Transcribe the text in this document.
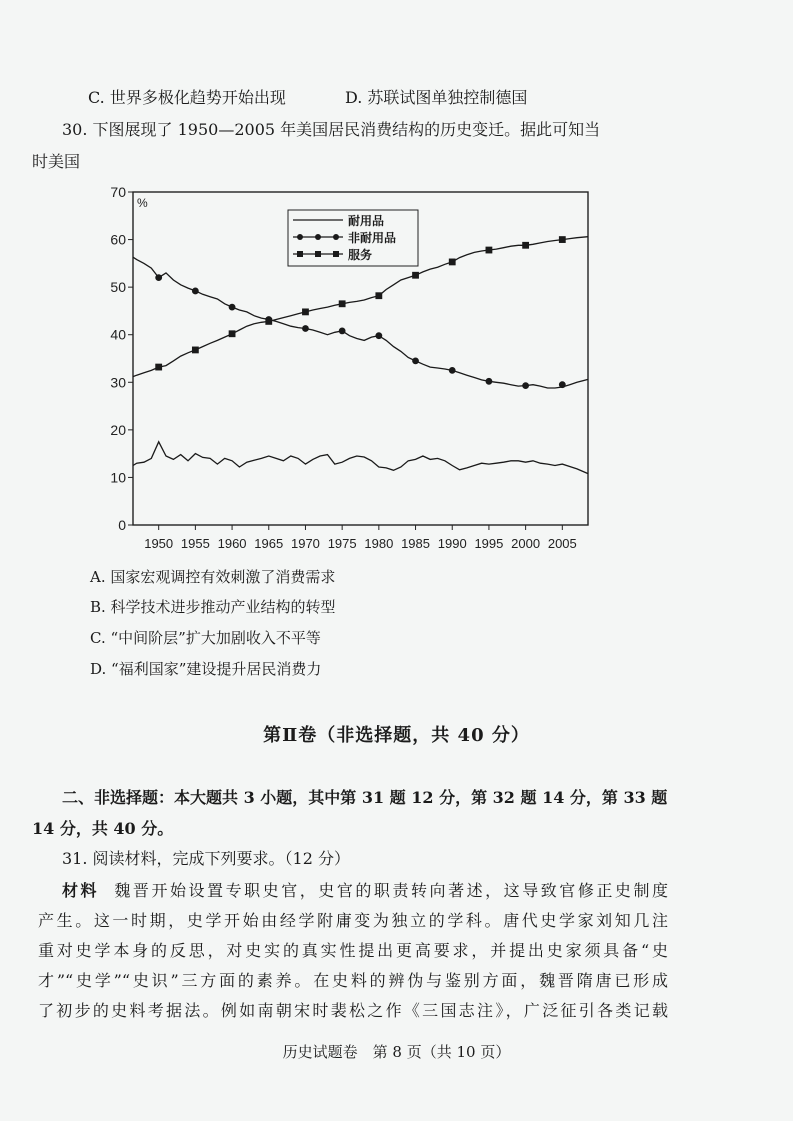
C. 世界多极化趋势开始出现	D. 苏联试图单独控制德国
30. 下图展现了 1950—2005 年美国居民消费结构的历史变迁。据此可知当
时美国
0
10
20
30
40
50
60
70
%
1950 1955 1960 1965 1970 1975 1980 1985 1990 1995 2000 2005
耐用品
非耐用品
服务
A. 国家宏观调控有效刺激了消费需求
B. 科学技术进步推动产业结构的转型
C. “中间阶层”扩大加剧收入不平等
D. “福利国家”建设提升居民消费力
第Ⅱ卷（非选择题，共 40 分）
二、非选择题：本大题共 3 小题，其中第 31 题 12 分，第 32 题 14 分，第 33 题
14 分，共 40 分。
31. 阅读材料，完成下列要求。（12 分）
材料 魏晋开始设置专职史官，史官的职责转向著述，这导致官修正史制度
产生。这一时期，史学开始由经学附庸变为独立的学科。唐代史学家刘知几注
重对史学本身的反思，对史实的真实性提出更高要求，并提出史家须具备“史
才”“史学”“史识”三方面的素养。在史料的辨伪与鉴别方面，魏晋隋唐已形成
了初步的史料考据法。例如南朝宋时裴松之作《三国志注》，广泛征引各类记载
历史试题卷　第 8 页（共 10 页）
